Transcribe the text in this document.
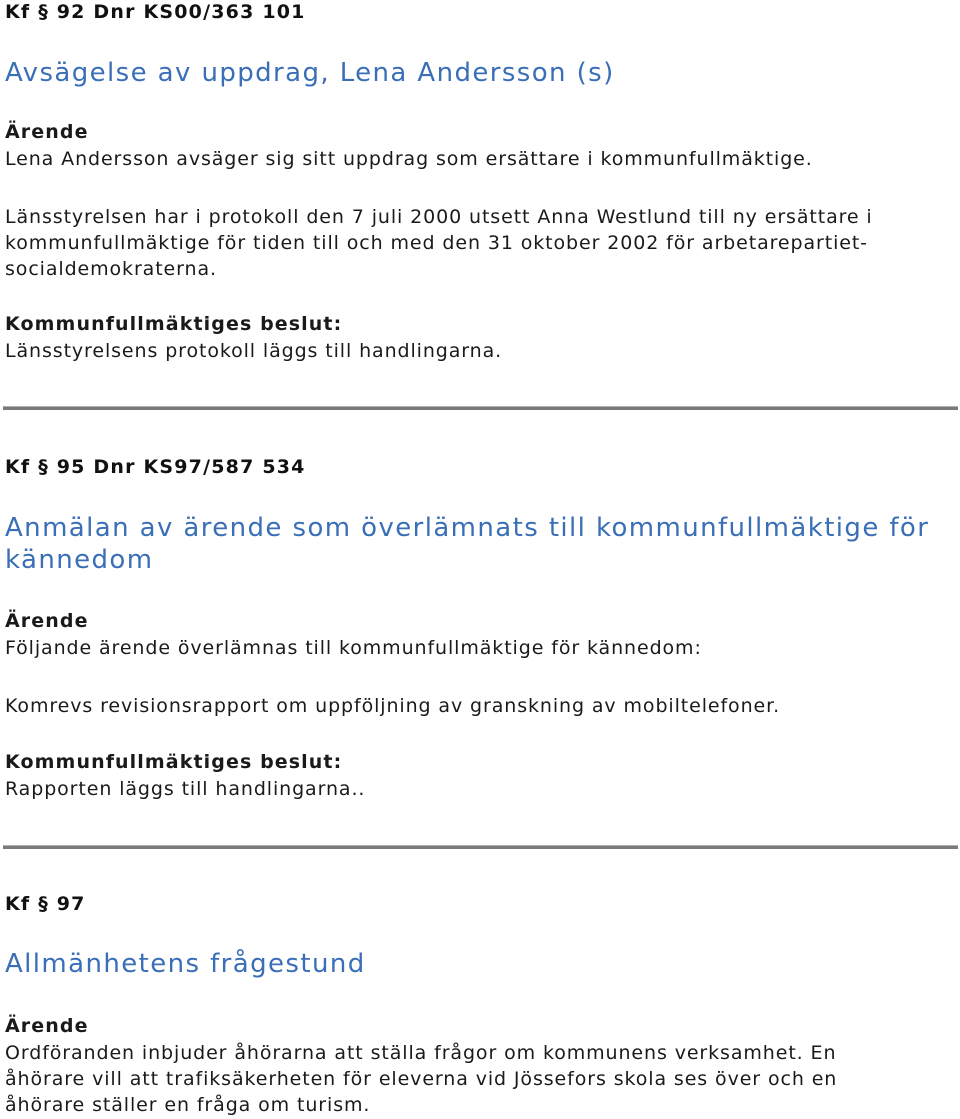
Kf § 92 Dnr KS00/363 101
Avsägelse av uppdrag, Lena Andersson (s)
Ärende
Lena Andersson avsäger sig sitt uppdrag som ersättare i kommunfullmäktige.
Länsstyrelsen har i protokoll den 7 juli 2000 utsett Anna Westlund till ny ersättare i
kommunfullmäktige för tiden till och med den 31 oktober 2002 för arbetarepartiet-
socialdemokraterna.
Kommunfullmäktiges beslut:
Länsstyrelsens protokoll läggs till handlingarna.
Kf § 95 Dnr KS97/587 534
Anmälan av ärende som överlämnats till kommunfullmäktige för
kännedom
Ärende
Följande ärende överlämnas till kommunfullmäktige för kännedom:
Komrevs revisionsrapport om uppföljning av granskning av mobiltelefoner.
Kommunfullmäktiges beslut:
Rapporten läggs till handlingarna..
Kf § 97
Allmänhetens frågestund
Ärende
Ordföranden inbjuder åhörarna att ställa frågor om kommunens verksamhet. En
åhörare vill att trafiksäkerheten för eleverna vid Jössefors skola ses över och en
åhörare ställer en fråga om turism.
